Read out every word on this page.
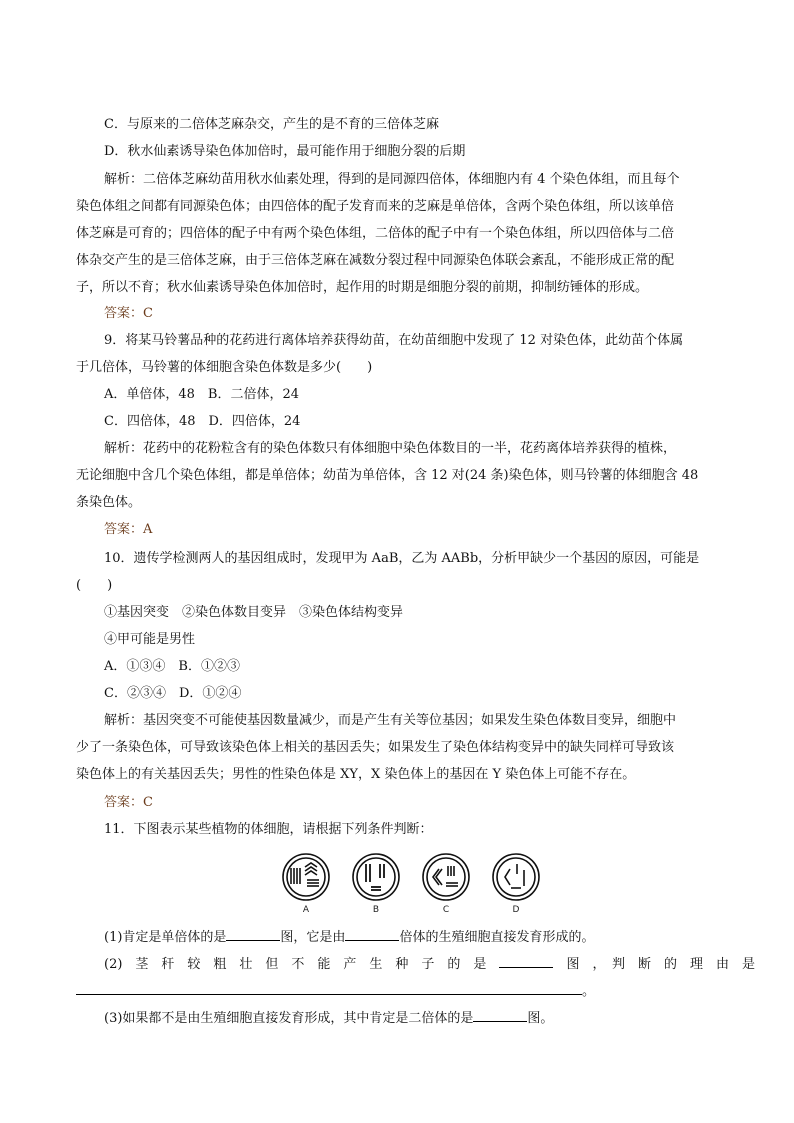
C．与原来的二倍体芝麻杂交，产生的是不育的三倍体芝麻
D．秋水仙素诱导染色体加倍时，最可能作用于细胞分裂的后期
解析：二倍体芝麻幼苗用秋水仙素处理，得到的是同源四倍体，体细胞内有 4 个染色体组，而且每个
染色体组之间都有同源染色体；由四倍体的配子发育而来的芝麻是单倍体，含两个染色体组，所以该单倍
体芝麻是可育的；四倍体的配子中有两个染色体组，二倍体的配子中有一个染色体组，所以四倍体与二倍
体杂交产生的是三倍体芝麻，由于三倍体芝麻在减数分裂过程中同源染色体联会紊乱，不能形成正常的配
子，所以不育；秋水仙素诱导染色体加倍时，起作用的时期是细胞分裂的前期，抑制纺锤体的形成。
答案：C
9．将某马铃薯品种的花药进行离体培养获得幼苗，在幼苗细胞中发现了 12 对染色体，此幼苗个体属
于几倍体，马铃薯的体细胞含染色体数是多少(　　)
A．单倍体，48　B．二倍体，24
C．四倍体，48　D．四倍体，24
解析：花药中的花粉粒含有的染色体数只有体细胞中染色体数目的一半，花药离体培养获得的植株，
无论细胞中含几个染色体组，都是单倍体；幼苗为单倍体，含 12 对(24 条)染色体，则马铃薯的体细胞含 48
条染色体。
答案：A
10．遗传学检测两人的基因组成时，发现甲为 AaB，乙为 AABb，分析甲缺少一个基因的原因，可能是
(　　)
①基因突变　②染色体数目变异　③染色体结构变异
④甲可能是男性
A．①③④　B．①②③
C．②③④　D．①②④
解析：基因突变不可能使基因数量减少，而是产生有关等位基因；如果发生染色体数目变异，细胞中
少了一条染色体，可导致该染色体上相关的基因丢失；如果发生了染色体结构变异中的缺失同样可导致该
染色体上的有关基因丢失；男性的性染色体是 XY，X 染色体上的基因在 Y 染色体上可能不存在。
答案：C
11．下图表示某些植物的体细胞，请根据下列条件判断：
A	B	C	D
(1)肯定是单倍体的是	图，它是由	倍体的生殖细胞直接发育形成的。
(2)　茎　秆　较　粗　壮　但　不　能　产　生　种　子　的　是　　	图　，　判　断　的　理　由　是
。
(3)如果都不是由生殖细胞直接发育形成，其中肯定是二倍体的是	图。
